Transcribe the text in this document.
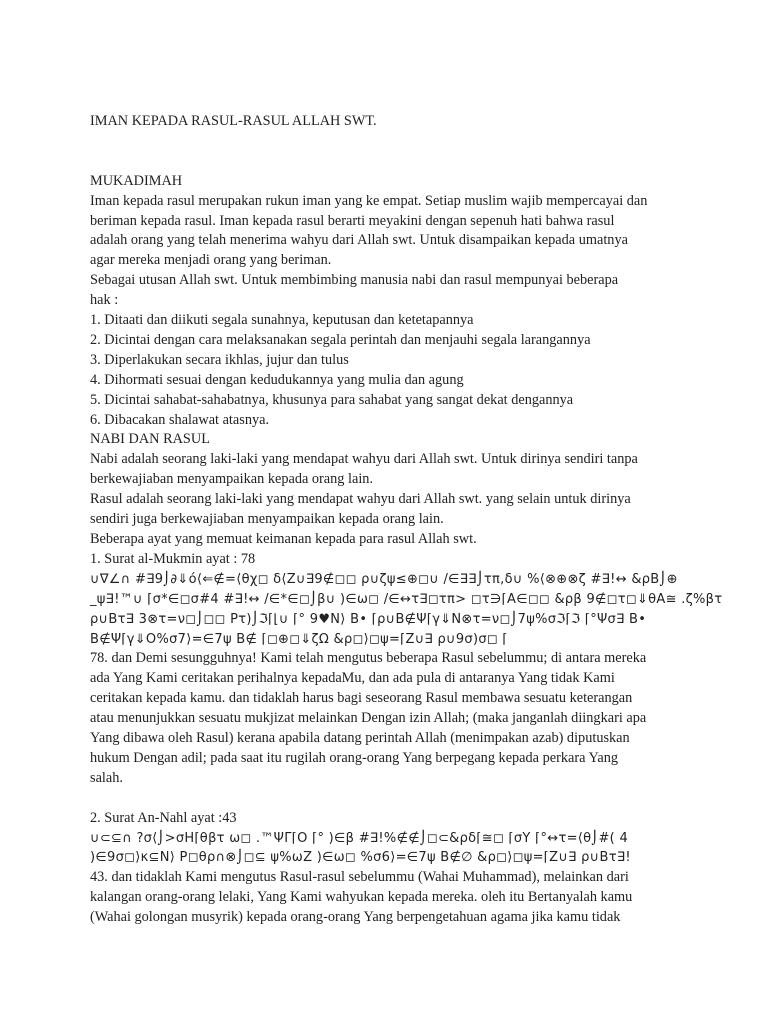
IMAN KEPADA RASUL-RASUL ALLAH SWT.

MUKADIMAH

Iman kepada rasul merupakan rukun iman yang ke empat. Setiap muslim wajib mempercayai dan

beriman kepada rasul. Iman kepada rasul berarti meyakini dengan sepenuh hati bahwa rasul

adalah orang yang telah menerima wahyu dari Allah swt. Untuk disampaikan kepada umatnya

agar mereka menjadi orang yang beriman.

Sebagai utusan Allah swt. Untuk membimbing manusia nabi dan rasul mempunyai beberapa

hak :

1. Ditaati dan diikuti segala sunahnya, keputusan dan ketetapannya

2. Dicintai dengan cara melaksanakan segala perintah dan menjauhi segala larangannya

3. Diperlakukan secara ikhlas, jujur dan tulus

4. Dihormati sesuai dengan kedudukannya yang mulia dan agung

5. Dicintai sahabat-sahabatnya, khusunya para sahabat yang sangat dekat dengannya

6. Dibacakan shalawat atasnya.

NABI DAN RASUL

Nabi adalah seorang laki-laki yang mendapat wahyu dari Allah swt. Untuk dirinya sendiri tanpa

berkewajiaban menyampaikan kepada orang lain.

Rasul adalah seorang laki-laki yang mendapat wahyu dari Allah swt. yang selain untuk dirinya

sendiri juga berkewajiaban menyampaikan kepada orang lain.

Beberapa ayat yang memuat keimanan kepada para rasul Allah swt.

1. Surat al-Mukmin ayat : 78

∪∇∠∩ #∃9⌡∂⇓ó⟨⇐∉=⟨θχ◻ δ⟨Ζ∪∃9∉◻◻ ρ∪ζψ≤⊕◻∪ /∈∃∃⌡τπ,δ∪ %⟨⊗⊕⊗ζ #∃!↔ &ρΒ⌡⊕

_ψ∃!™∪ ⌈σ*∈◻σ#4 #∃!↔ /∈*∈◻⌡β∪ )∈ω◻ /∈↔τ∃◻τπ> ◻τ∋⌈Α∈◻◻ &ρβ 9∉◻τ◻⇓θΑ≅ .ζ%βτ

ρ∪Βτ∃ 3⊗τ=ν◻⌡◻◻ Ρτ)⌡ℑ⌈⌊∪ ⌈° 9♥Ν⟩ Β• ⌈ρ∪Β∉Ψ⌈γ⇓Ν⊗τ=ν◻⌡7ψ%σℑ⌈ℑ ⌈°Ψσ∃ Β•

Β∉Ψ⌈γ⇓Ο%σ7⟩=∈7ψ Β∉ ⌈◻⊕◻⇓ζΩ &ρ◻⟩◻ψ=⌈Ζ∪∃ ρ∪9σ)σ◻ ⌈

78. dan Demi sesungguhnya! Kami telah mengutus beberapa Rasul sebelummu; di antara mereka

ada Yang Kami ceritakan perihalnya kepadaMu, dan ada pula di antaranya Yang tidak Kami

ceritakan kepada kamu. dan tidaklah harus bagi seseorang Rasul membawa sesuatu keterangan

atau menunjukkan sesuatu mukjizat melainkan Dengan izin Allah; (maka janganlah diingkari apa

Yang dibawa oleh Rasul) kerana apabila datang perintah Allah (menimpakan azab) diputuskan

hukum Dengan adil; pada saat itu rugilah orang-orang Yang berpegang kepada perkara Yang

salah.

2. Surat An-Nahl ayat :43

∪⊂⊆∩ ?σ⟨⌡>σΗ⌈θβτ ω◻ .™ΨΓ⌈Ο ⌈° )∈β #∃!%∉∉⌡◻⊂&ρδ⌈≅◻ ⌈σΥ ⌈°↔τ=⟨θ⌡#( 4

)∈9σ◻⟩κ⊆Ν⟩ Ρ◻θρ∩⊗⌡◻⊆ ψ%ωΖ )∈ω◻ %σ6⟩=∈7ψ Β∉∅ &ρ◻⟩◻ψ=⌈Ζ∪∃ ρ∪Βτ∃!

43. dan tidaklah Kami mengutus Rasul-rasul sebelummu (Wahai Muhammad), melainkan dari

kalangan orang-orang lelaki, Yang Kami wahyukan kepada mereka. oleh itu Bertanyalah kamu

(Wahai golongan musyrik) kepada orang-orang Yang berpengetahuan agama jika kamu tidak
